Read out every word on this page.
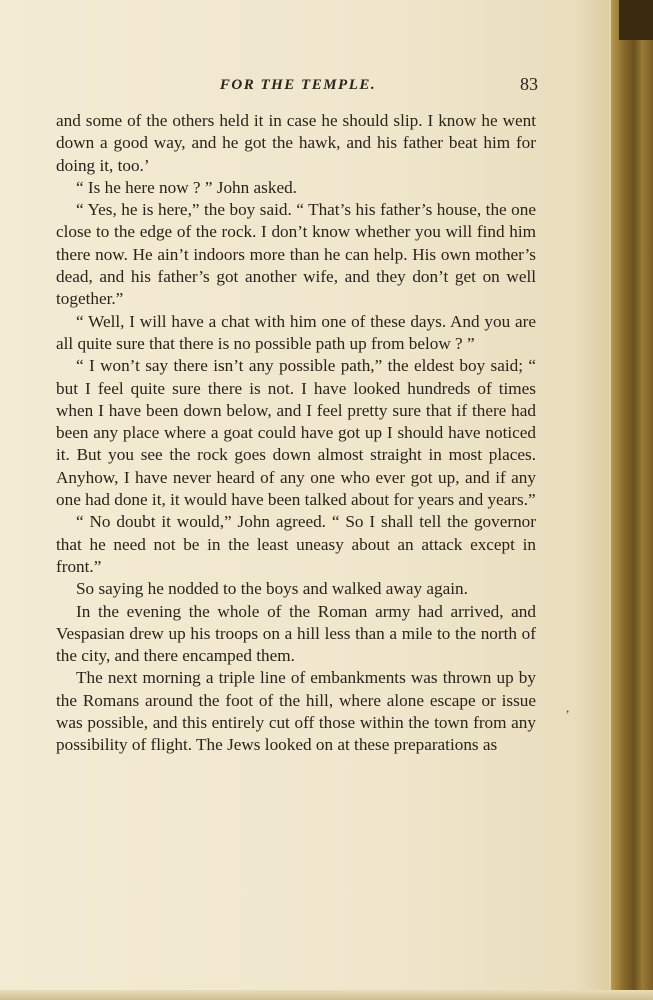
FOR THE TEMPLE.	83

and some of the others held it in case he should slip. I know he went down a good way, and he got the hawk, and his father beat him for doing it, too.’

“ Is he here now ? ” John asked.

“ Yes, he is here,” the boy said. “ That’s his father’s house, the one close to the edge of the rock. I don’t know whether you will find him there now. He ain’t indoors more than he can help. His own mother’s dead, and his father’s got another wife, and they don’t get on well together.”

“ Well, I will have a chat with him one of these days. And you are all quite sure that there is no possible path up from below ? ”

“ I won’t say there isn’t any possible path,” the eldest boy said; “ but I feel quite sure there is not. I have looked hundreds of times when I have been down below, and I feel pretty sure that if there had been any place where a goat could have got up I should have noticed it. But you see the rock goes down almost straight in most places. Anyhow, I have never heard of any one who ever got up, and if any one had done it, it would have been talked about for years and years.”

“ No doubt it would,” John agreed. “ So I shall tell the governor that he need not be in the least uneasy about an attack except in front.”

So saying he nodded to the boys and walked away again.

In the evening the whole of the Roman army had arrived, and Vespasian drew up his troops on a hill less than a mile to the north of the city, and there encamped them.

The next morning a triple line of embankments was thrown up by the Romans around the foot of the hill, where alone escape or issue was possible, and this entirely cut off those within the town from any possibility of flight. The Jews looked on at these preparations as

,
